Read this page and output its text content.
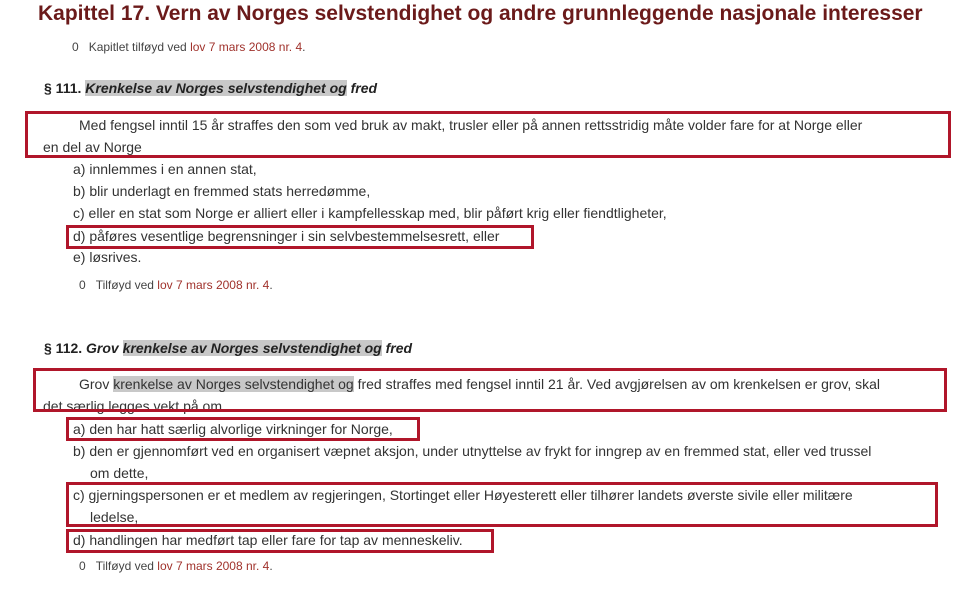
Kapittel 17. Vern av Norges selvstendighet og andre grunnleggende nasjonale interesser
0 Kapitlet tilføyd ved lov 7 mars 2008 nr. 4.
§ 111. Krenkelse av Norges selvstendighet og fred
Med fengsel inntil 15 år straffes den som ved bruk av makt, trusler eller på annen rettsstridig måte volder fare for at Norge eller
en del av Norge
a) innlemmes i en annen stat,
b) blir underlagt en fremmed stats herredømme,
c) eller en stat som Norge er alliert eller i kampfellesskap med, blir påført krig eller fiendtligheter,
d) påføres vesentlige begrensninger i sin selvbestemmelsesrett, eller
e) løsrives.
0 Tilføyd ved lov 7 mars 2008 nr. 4.
§ 112. Grov krenkelse av Norges selvstendighet og fred
Grov krenkelse av Norges selvstendighet og fred straffes med fengsel inntil 21 år. Ved avgjørelsen av om krenkelsen er grov, skal
det særlig legges vekt på om
a) den har hatt særlig alvorlige virkninger for Norge,
b) den er gjennomført ved en organisert væpnet aksjon, under utnyttelse av frykt for inngrep av en fremmed stat, eller ved trussel
om dette,
c) gjerningspersonen er et medlem av regjeringen, Stortinget eller Høyesterett eller tilhører landets øverste sivile eller militære
ledelse,
d) handlingen har medført tap eller fare for tap av menneskeliv.
0 Tilføyd ved lov 7 mars 2008 nr. 4.
